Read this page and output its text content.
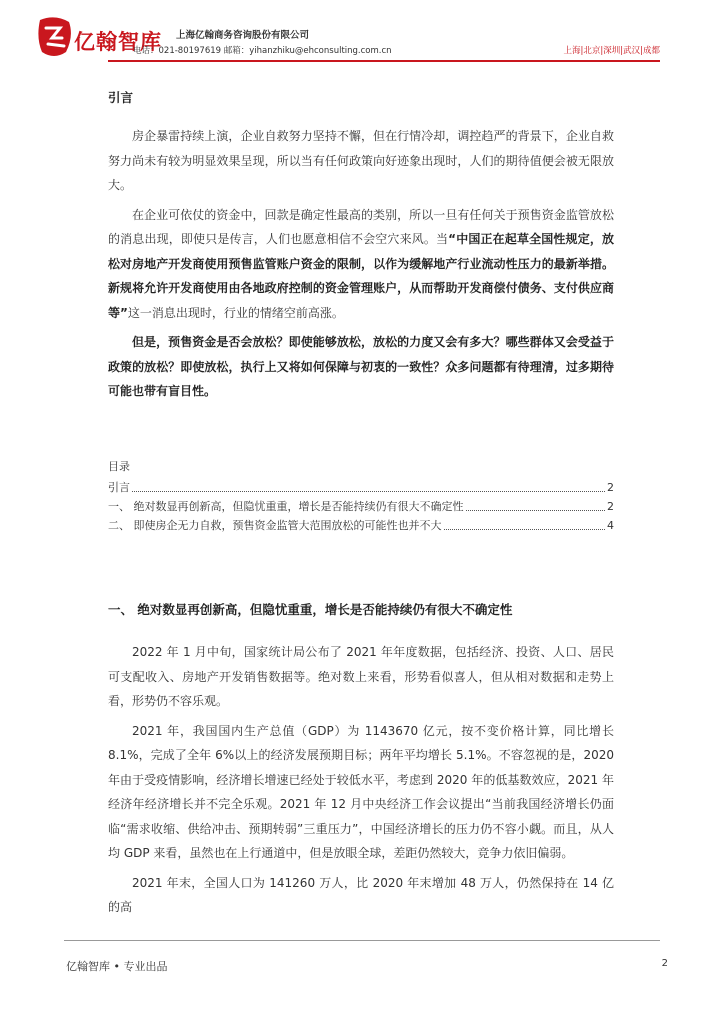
亿翰智库 上海亿翰商务咨询股份有限公司
电话：021-80197619 邮箱：yihanzhiku@ehconsulting.com.cn	上海|北京|深圳|武汉|成都
引言

房企暴雷持续上演，企业自救努力坚持不懈，但在行情冷却，调控趋严的背景下，企业自救努力尚未有较为明显效果呈现，所以当有任何政策向好迹象出现时，人们的期待值便会被无限放大。

在企业可依仗的资金中，回款是确定性最高的类别，所以一旦有任何关于预售资金监管放松的消息出现，即使只是传言，人们也愿意相信不会空穴来风。当“中国正在起草全国性规定，放松对房地产开发商使用预售监管账户资金的限制，以作为缓解地产行业流动性压力的最新举措。新规将允许开发商使用由各地政府控制的资金管理账户，从而帮助开发商偿付债务、支付供应商等”这一消息出现时，行业的情绪空前高涨。

但是，预售资金是否会放松？即使能够放松，放松的力度又会有多大？哪些群体又会受益于政策的放松？即使放松，执行上又将如何保障与初衷的一致性？众多问题都有待理清，过多期待可能也带有盲目性。

目录
引言	2
一、 绝对数显再创新高，但隐忧重重，增长是否能持续仍有很大不确定性	2
二、 即使房企无力自救，预售资金监管大范围放松的可能性也并不大	4
一、 绝对数显再创新高，但隐忧重重，增长是否能持续仍有很大不确定性

2022 年 1 月中旬，国家统计局公布了 2021 年年度数据，包括经济、投资、人口、居民可支配收入、房地产开发销售数据等。绝对数上来看，形势看似喜人，但从相对数据和走势上看，形势仍不容乐观。

2021 年，我国国内生产总值（GDP）为 1143670 亿元，按不变价格计算，同比增长 8.1%，完成了全年 6%以上的经济发展预期目标；两年平均增长 5.1%。不容忽视的是，2020 年由于受疫情影响，经济增长增速已经处于较低水平，考虑到 2020 年的低基数效应，2021 年经济年经济增长并不完全乐观。2021 年 12 月中央经济工作会议提出“当前我国经济增长仍面临“需求收缩、供给冲击、预期转弱”三重压力”，中国经济增长的压力仍不容小觑。而且，从人均 GDP 来看，虽然也在上行通道中，但是放眼全球，差距仍然较大，竞争力依旧偏弱。

2021 年末，全国人口为 141260 万人，比 2020 年末增加 48 万人，仍然保持在 14 亿的高

亿翰智库 • 专业出品	2
